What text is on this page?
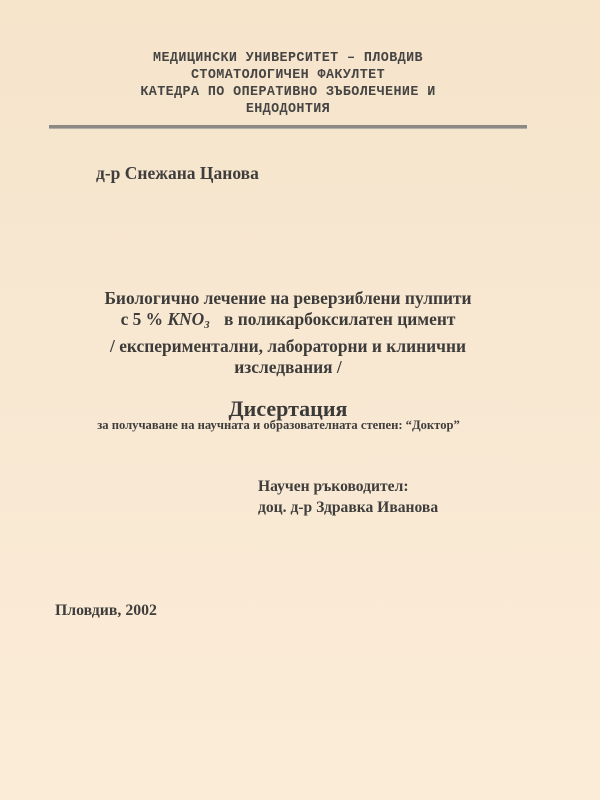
МЕДИЦИНСКИ УНИВЕРСИТЕТ – ПЛОВДИВ
СТОМАТОЛОГИЧЕН ФАКУЛТЕТ
КАТЕДРА ПО ОПЕРАТИВНО ЗЪБОЛЕЧЕНИЕ И
ЕНДОДОНТИЯ
д-р Снежана Цанова
Биологично лечение на реверзиблени пулпити
с 5 % $KNO_3$ в поликарбоксилатен цимент
/ експериментални, лабораторни и клинични
изследвания /
Дисертация
за получаване на научната и образователната степен: “Доктор”
Научен ръководител:
доц. д-р Здравка Иванова
Пловдив, 2002
